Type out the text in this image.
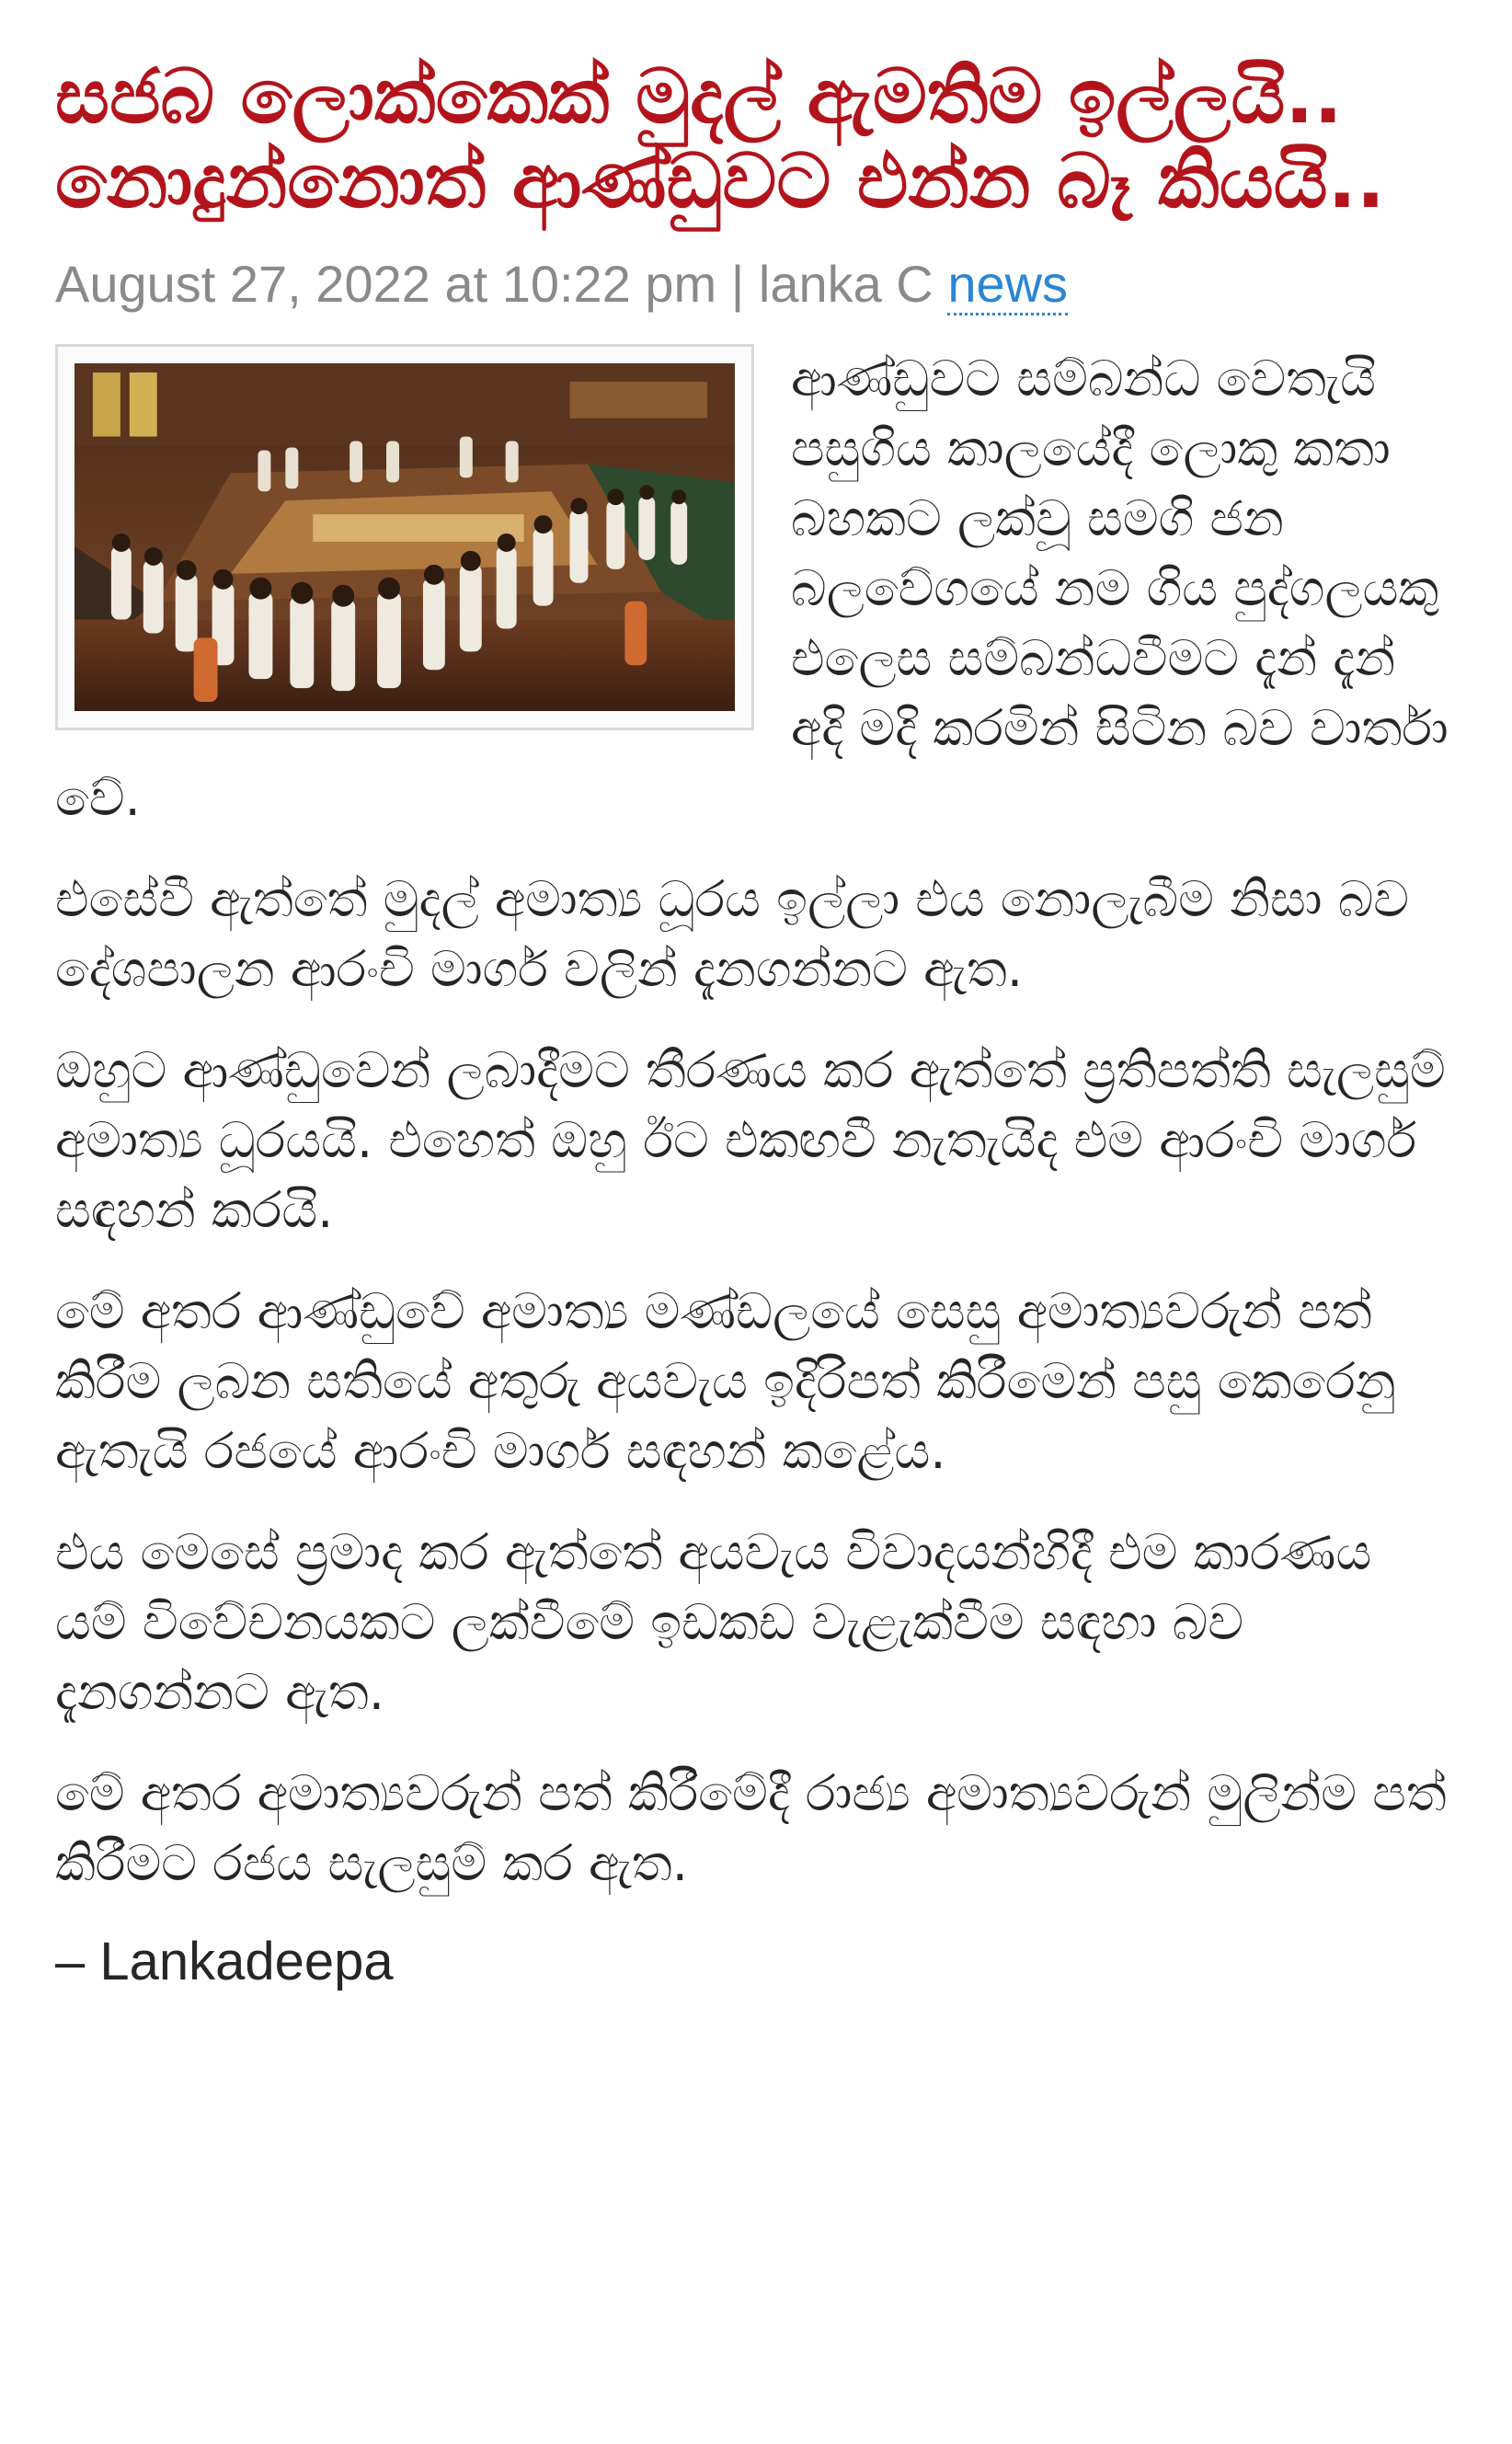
සජබ ලොක්කෙක් මුදල් ඇමතිම ඉල්ලයි.. නොදුන්නොත් ආණ්ඩුවට එන්න බෑ කියයි..
August 27, 2022 at 10:22 pm | lanka C news

ආණ්ඩුවට සම්බන්ධ වෙතැයි පසුගිය කාලයේදී ලොකු කතා බහකට ලක්වූ සමගි ජන බලවේගයේ නම ගිය පුද්ගලයකු එලෙස සම්බන්ධවීමට දැන් දැන් අදි මදි කරමින් සිටින බව වාර්තා වේ.

එසේවී ඇත්තේ මුදල් අමාත්‍ය ධූරය ඉල්ලා එය නොලැබීම නිසා බව දේශපාලන ආරංචි මාර්ග වලින් දැනගන්නට ඇත.

ඔහුට ආණ්ඩුවෙන් ලබාදීමට තීරණය කර ඇත්තේ ප්‍රතිපත්ති සැලසුම් අමාත්‍ය ධූරයයි. එහෙත් ඔහු ඊට එකඟවී නැතැයිද එම ආරංචි මාර්ග සඳහන් කරයි.

මේ අතර ආණ්ඩුවේ අමාත්‍ය මණ්ඩලයේ සෙසු අමාත්‍යවරුන් පත් කිරීම ලබන සතියේ අතුරු අයවැය ඉදිරිපත් කිරීමෙන් පසු කෙරෙනු ඇතැයි රජයේ ආරංචි මාර්ග සඳහන් කළේය.

එය මෙසේ ප්‍රමාද කර ඇත්තේ අයවැය විවාදයන්හිදී එම කාරණය යම් විවේචනයකට ලක්වීමේ ඉඩකඩ වැළැක්වීම සඳහා බව දැනගන්නට ඇත.

මේ අතර අමාත්‍යවරුන් පත් කිරීමේදී රාජ්‍ය අමාත්‍යවරුන් මුලින්ම පත් කිරීමට රජය සැලසුම් කර ඇත.

– Lankadeepa
